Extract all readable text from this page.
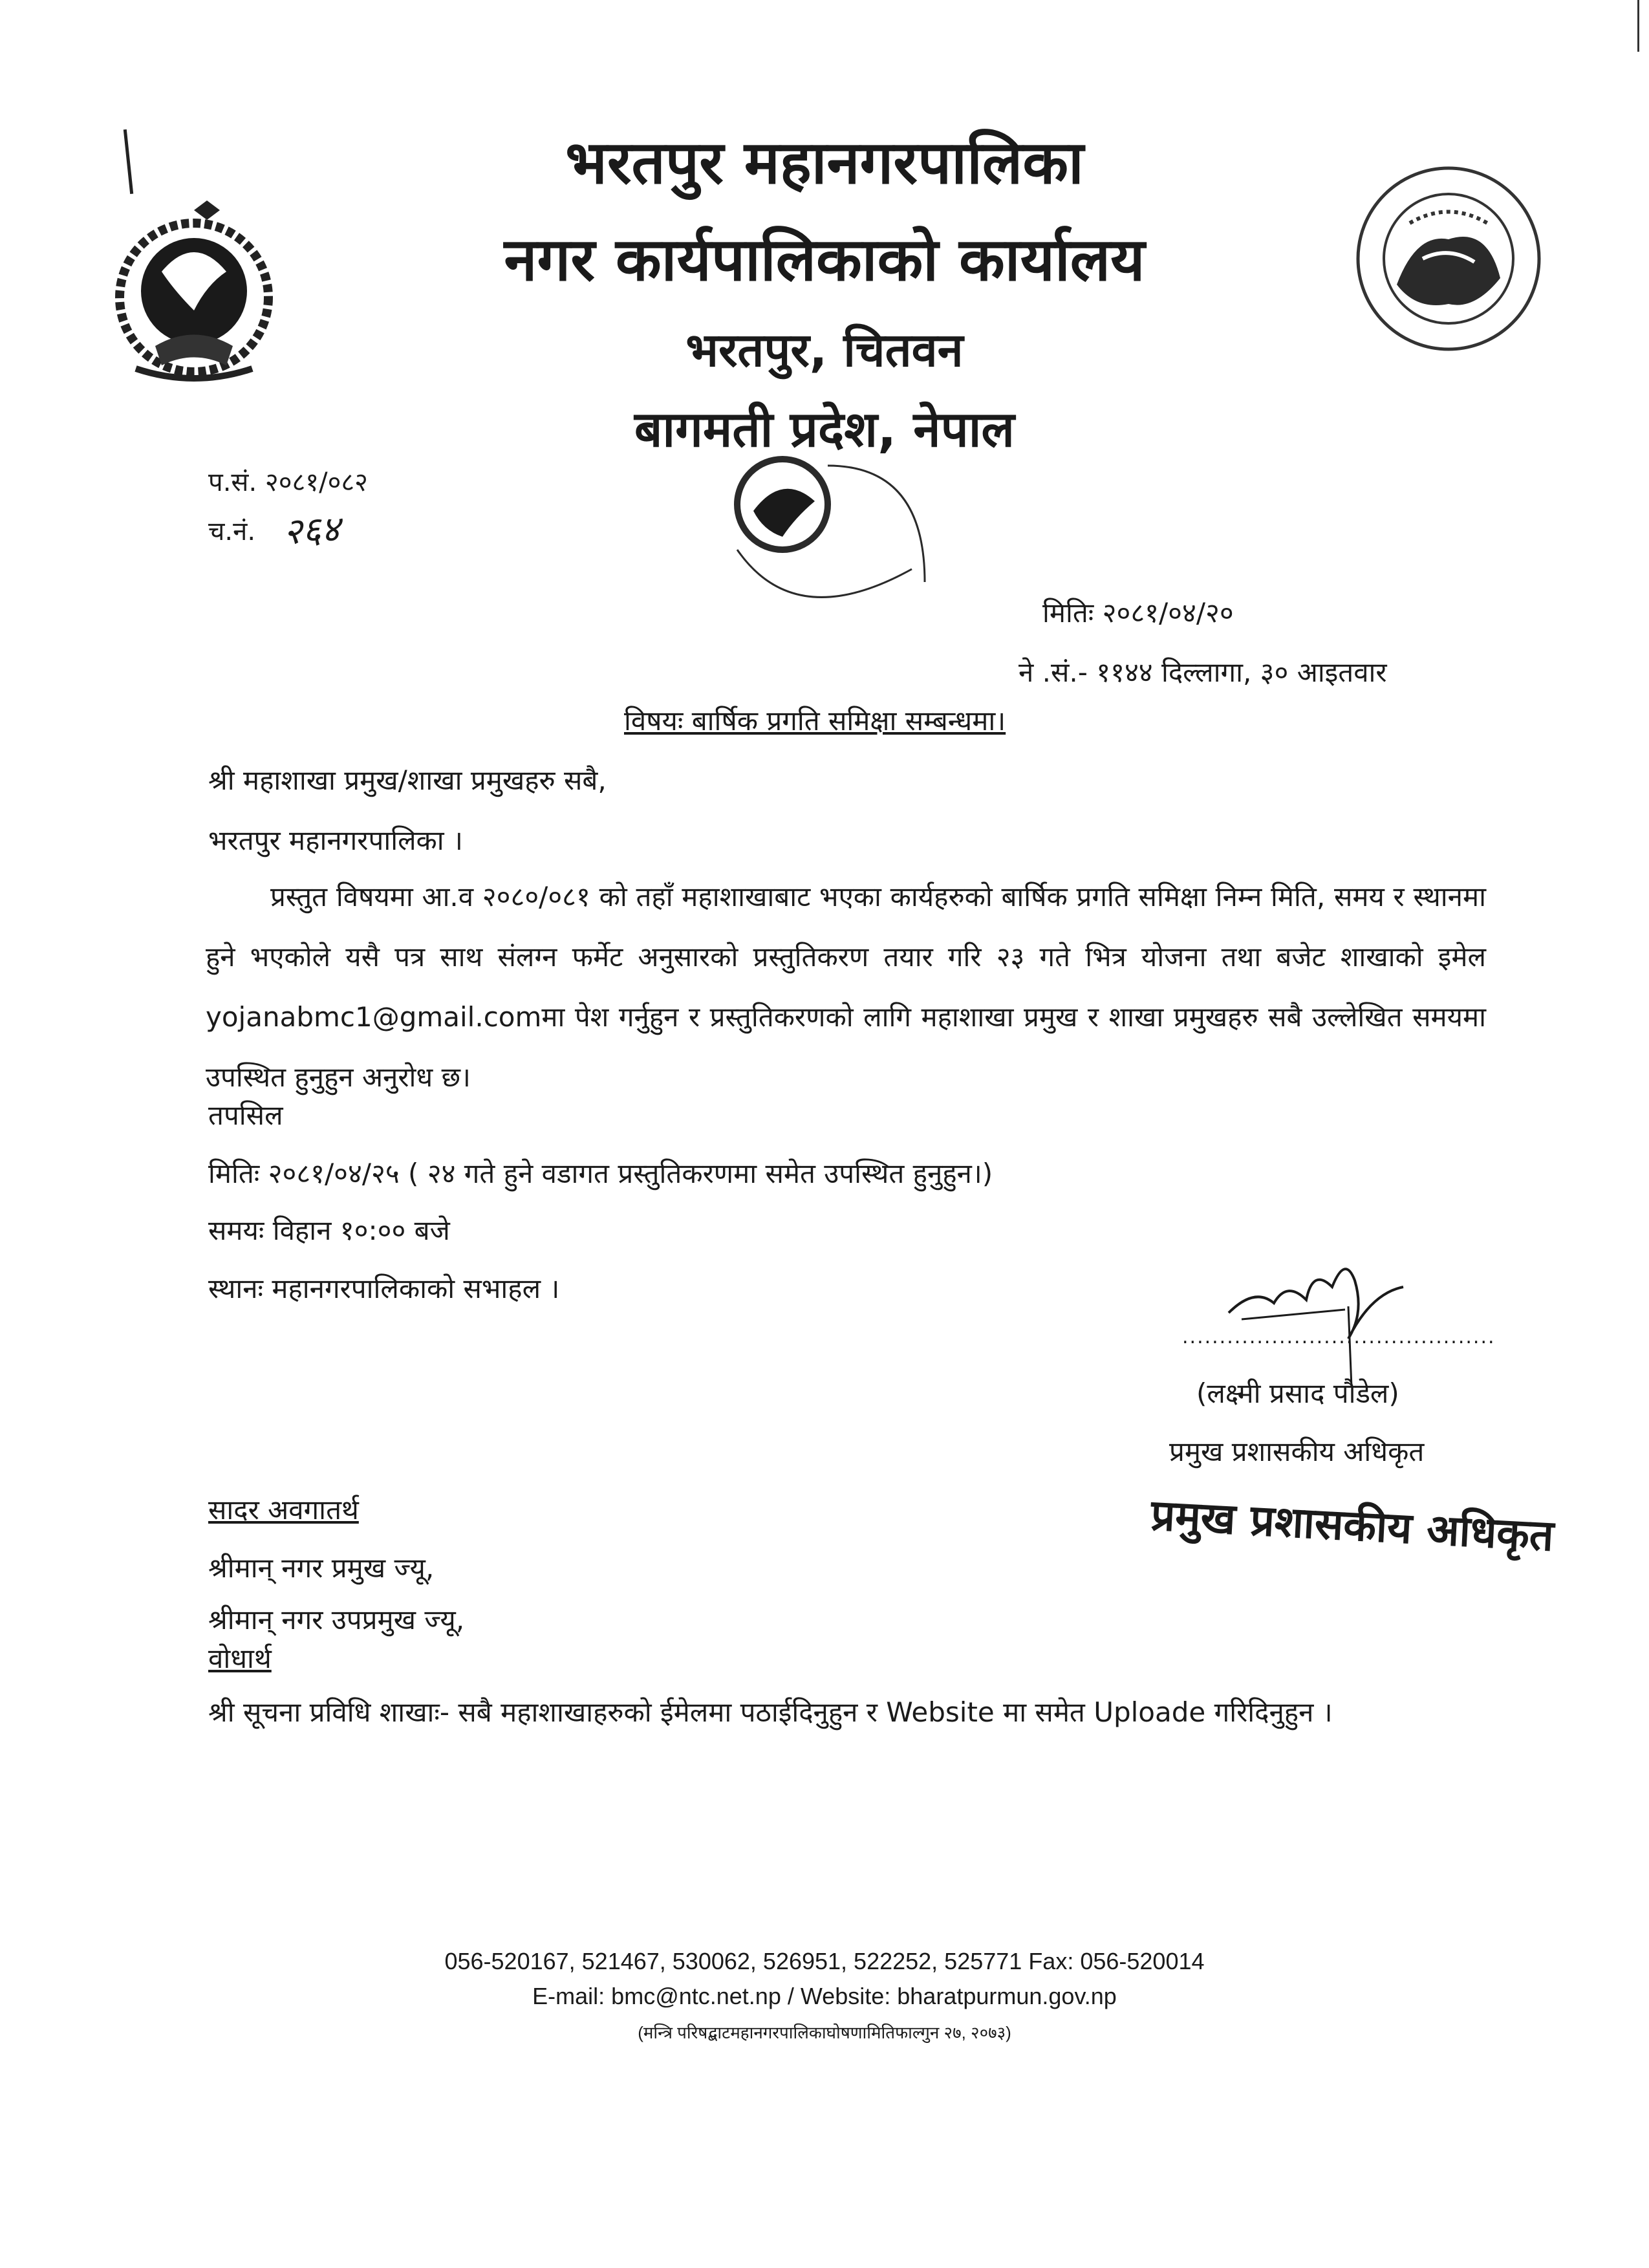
भरतपुर महानगरपालिका
नगर कार्यपालिकाको कार्यालय
भरतपुर, चितवन
बागमती प्रदेश, नेपाल
प.सं. २०८१/०८२
च.नं. २६४
मितिः २०८१/०४/२०
ने .सं.- ११४४ दिल्लागा, ३० आइतवार
विषयः बार्षिक प्रगति समिक्षा सम्बन्धमा।
श्री महाशाखा प्रमुख/शाखा प्रमुखहरु सबै,
भरतपुर महानगरपालिका ।

प्रस्तुत विषयमा आ.व २०८०/०८१ को तहाँ महाशाखाबाट भएका कार्यहरुको बार्षिक प्रगति समिक्षा निम्न मिति, समय र स्थानमा हुने भएकोले यसै पत्र साथ संलग्न फर्मेट अनुसारको प्रस्तुतिकरण तयार गरि २३ गते भित्र योजना तथा बजेट शाखाको इमेल yojanabmc1@gmail.comमा पेश गर्नुहुन र प्रस्तुतिकरणको लागि महाशाखा प्रमुख र शाखा प्रमुखहरु सबै उल्लेखित समयमा उपस्थित हुनुहुन अनुरोध छ।

तपसिल
मितिः २०८१/०४/२५ ( २४ गते हुने वडागत प्रस्तुतिकरणमा समेत उपस्थित हुनुहुन।)
समयः विहान १०:०० बजे
स्थानः महानगरपालिकाको सभाहल ।
..........................................
(लक्ष्मी प्रसाद पौडेल)
प्रमुख प्रशासकीय अधिकृत
प्रमुख प्रशासकीय अधिकृत
सादर अवगातर्थ
श्रीमान् नगर प्रमुख ज्यू,
श्रीमान् नगर उपप्रमुख ज्यू,
वोधार्थ
श्री सूचना प्रविधि शाखाः- सबै महाशाखाहरुको ईमेलमा पठाईदिनुहुन र Website मा समेत Uploade गरिदिनुहुन ।
056-520167, 521467, 530062, 526951, 522252, 525771 Fax: 056-520014
E-mail: bmc@ntc.net.np / Website: bharatpurmun.gov.np
(मन्त्रि परिषद्बाटमहानगरपालिकाघोषणामितिफाल्गुन २७, २०७३)
